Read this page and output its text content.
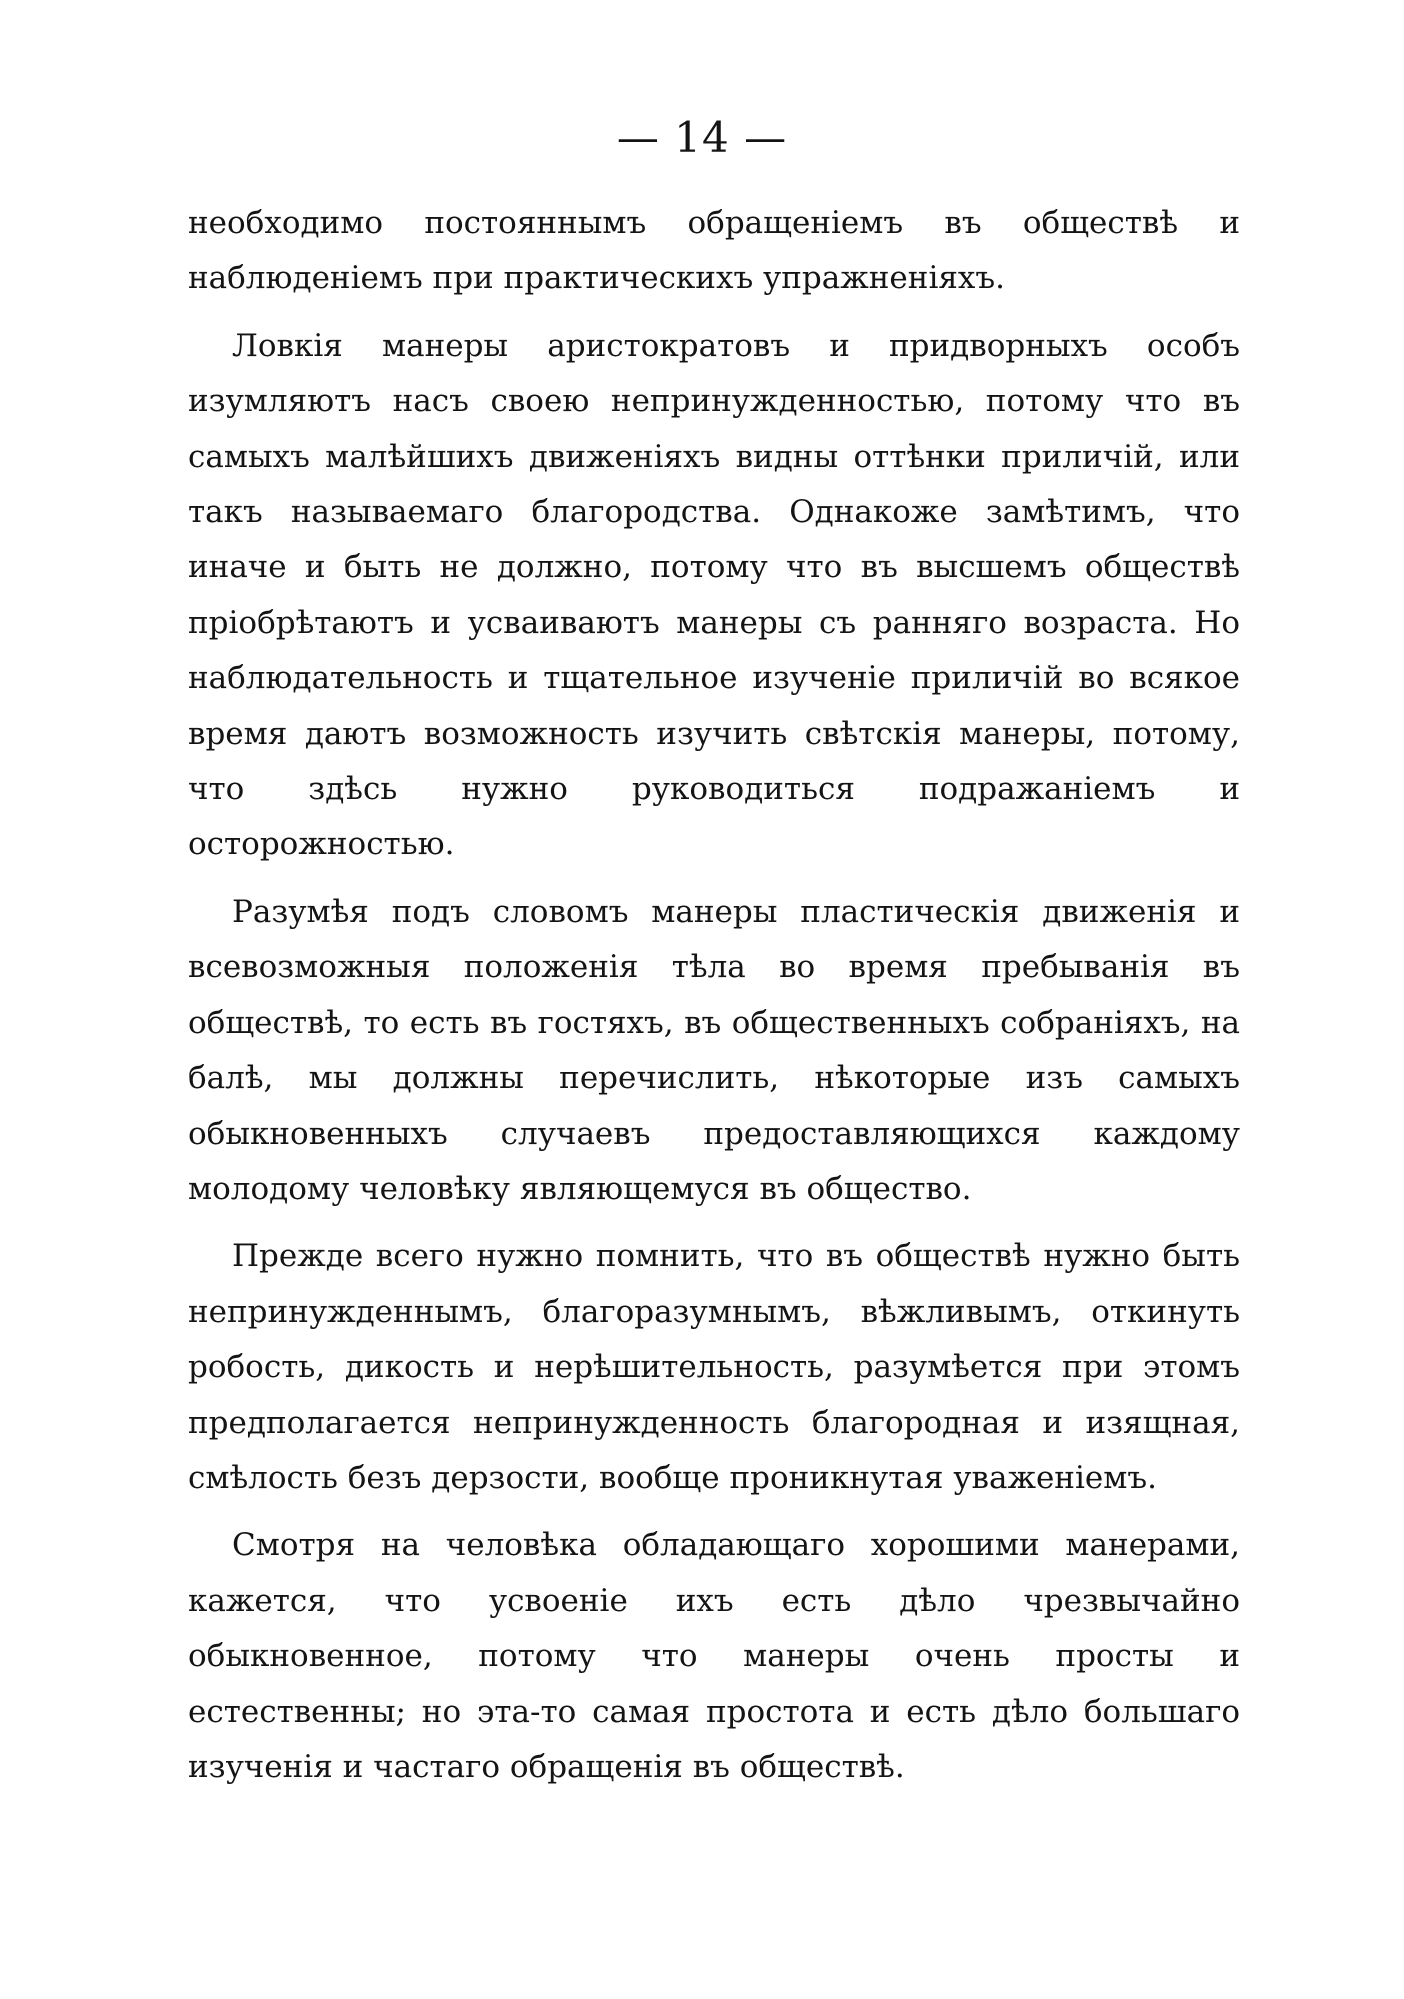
— 14 —

необходимо постояннымъ обращеніемъ въ обществѣ и наблюденіемъ при практическихъ упражненіяхъ.

Ловкія манеры аристократовъ и придворныхъ особъ изумляютъ насъ своею непринужденностью, потому что въ самыхъ малѣйшихъ движеніяхъ видны оттѣнки приличій, или такъ называемаго благородства. Однакоже замѣтимъ, что иначе и быть не должно, потому что въ высшемъ обществѣ пріобрѣтаютъ и усваиваютъ манеры съ ранняго возраста. Но наблюдательность и тщательное изученіе приличій во всякое время даютъ возможность изучить свѣтскія манеры, потому, что здѣсь нужно руководиться подражаніемъ и осторожностью.

Разумѣя подъ словомъ манеры пластическія движенія и всевозможныя положенія тѣла во время пребыванія въ обществѣ, то есть въ гостяхъ, въ общественныхъ собраніяхъ, на балѣ, мы должны перечислить, нѣкоторые изъ самыхъ обыкновенныхъ случаевъ предоставляющихся каждому молодому человѣку являющемуся въ общество.

Прежде всего нужно помнить, что въ обществѣ нужно быть непринужденнымъ, благоразумнымъ, вѣжливымъ, откинуть робость, дикость и нерѣшительность, разумѣется при этомъ предполагается непринужденность благородная и изящная, смѣлость безъ дерзости, вообще проникнутая уваженіемъ.

Смотря на человѣка обладающаго хорошими манерами, кажется, что усвоеніе ихъ есть дѣло чрезвычайно обыкновенное, потому что манеры очень просты и естественны; но эта-то самая простота и есть дѣло большаго изученія и частаго обращенія въ обществѣ.
